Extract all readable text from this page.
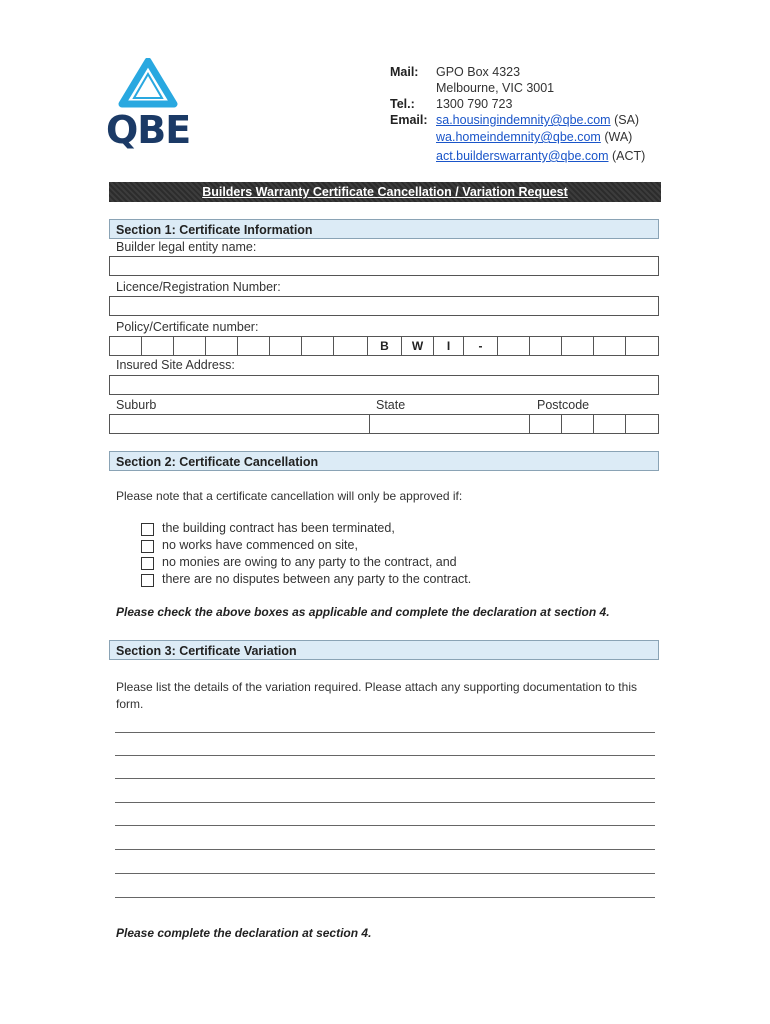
QBE
Mail: GPO Box 4323
Melbourne, VIC 3001
Tel.: 1300 790 723
Email: sa.housingindemnity@qbe.com (SA)
wa.homeindemnity@qbe.com (WA)
act.builderswarranty@qbe.com (ACT)
Builders Warranty Certificate Cancellation / Variation Request
Section 1: Certificate Information
Builder legal entity name:
Licence/Registration Number:
Policy/Certificate number:
B	W	I	-
Insured Site Address:
Suburb	State	Postcode
Section 2: Certificate Cancellation
Please note that a certificate cancellation will only be approved if:
the building contract has been terminated,
no works have commenced on site,
no monies are owing to any party to the contract, and
there are no disputes between any party to the contract.
Please check the above boxes as applicable and complete the declaration at section 4.
Section 3: Certificate Variation
Please list the details of the variation required. Please attach any supporting documentation to this form.
Please complete the declaration at section 4.
